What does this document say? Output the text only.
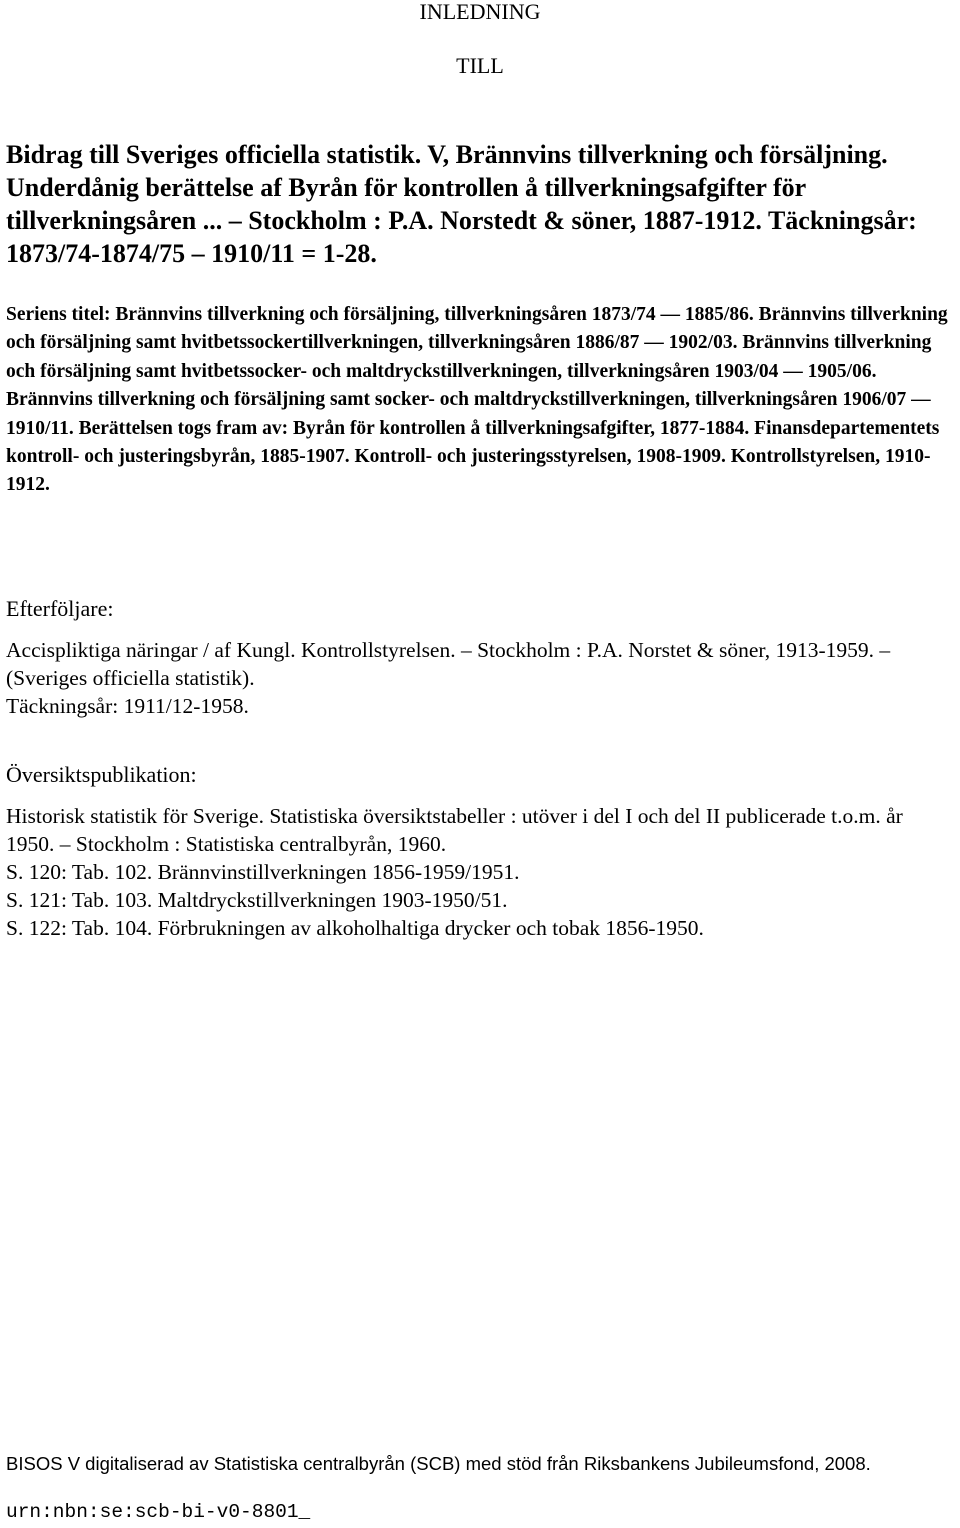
INLEDNING
TILL
Bidrag till Sveriges officiella statistik. V, Brännvins tillverkning och försäljning. Underdånig berättelse af Byrån för kontrollen å tillverkningsafgifter för tillverkningsåren ... – Stockholm : P.A. Norstedt & söner, 1887-1912. Täckningsår: 1873/74-1874/75 – 1910/11 = 1-28.
Seriens titel: Brännvins tillverkning och försäljning, tillverkningsåren 1873/74 — 1885/86. Brännvins tillverkning och försäljning samt hvitbetssockertillverkningen, tillverkningsåren 1886/87 — 1902/03. Brännvins tillverkning och försäljning samt hvitbetssocker- och maltdryckstillverkningen, tillverkningsåren 1903/04 — 1905/06. Brännvins tillverkning och försäljning samt socker- och maltdryckstillverkningen, tillverkningsåren 1906/07 — 1910/11. Berättelsen togs fram av: Byrån för kontrollen å tillverkningsafgifter, 1877-1884. Finansdepartementets kontroll- och justeringsbyrån, 1885-1907. Kontroll- och justeringsstyrelsen, 1908-1909. Kontrollstyrelsen, 1910-1912.
Efterföljare:
Accispliktiga näringar / af Kungl. Kontrollstyrelsen. – Stockholm : P.A. Norstet & söner, 1913-1959. – (Sveriges officiella statistik).
Täckningsår: 1911/12-1958.
Översiktspublikation:
Historisk statistik för Sverige. Statistiska översiktstabeller : utöver i del I och del II publicerade t.o.m. år 1950. – Stockholm : Statistiska centralbyrån, 1960.
S. 120: Tab. 102. Brännvinstillverkningen 1856-1959/1951.
S. 121: Tab. 103. Maltdryckstillverkningen 1903-1950/51.
S. 122: Tab. 104. Förbrukningen av alkoholhaltiga drycker och tobak 1856-1950.
BISOS V digitaliserad av Statistiska centralbyrån (SCB) med stöd från Riksbankens Jubileumsfond, 2008.
urn:nbn:se:scb-bi-v0-8801_
